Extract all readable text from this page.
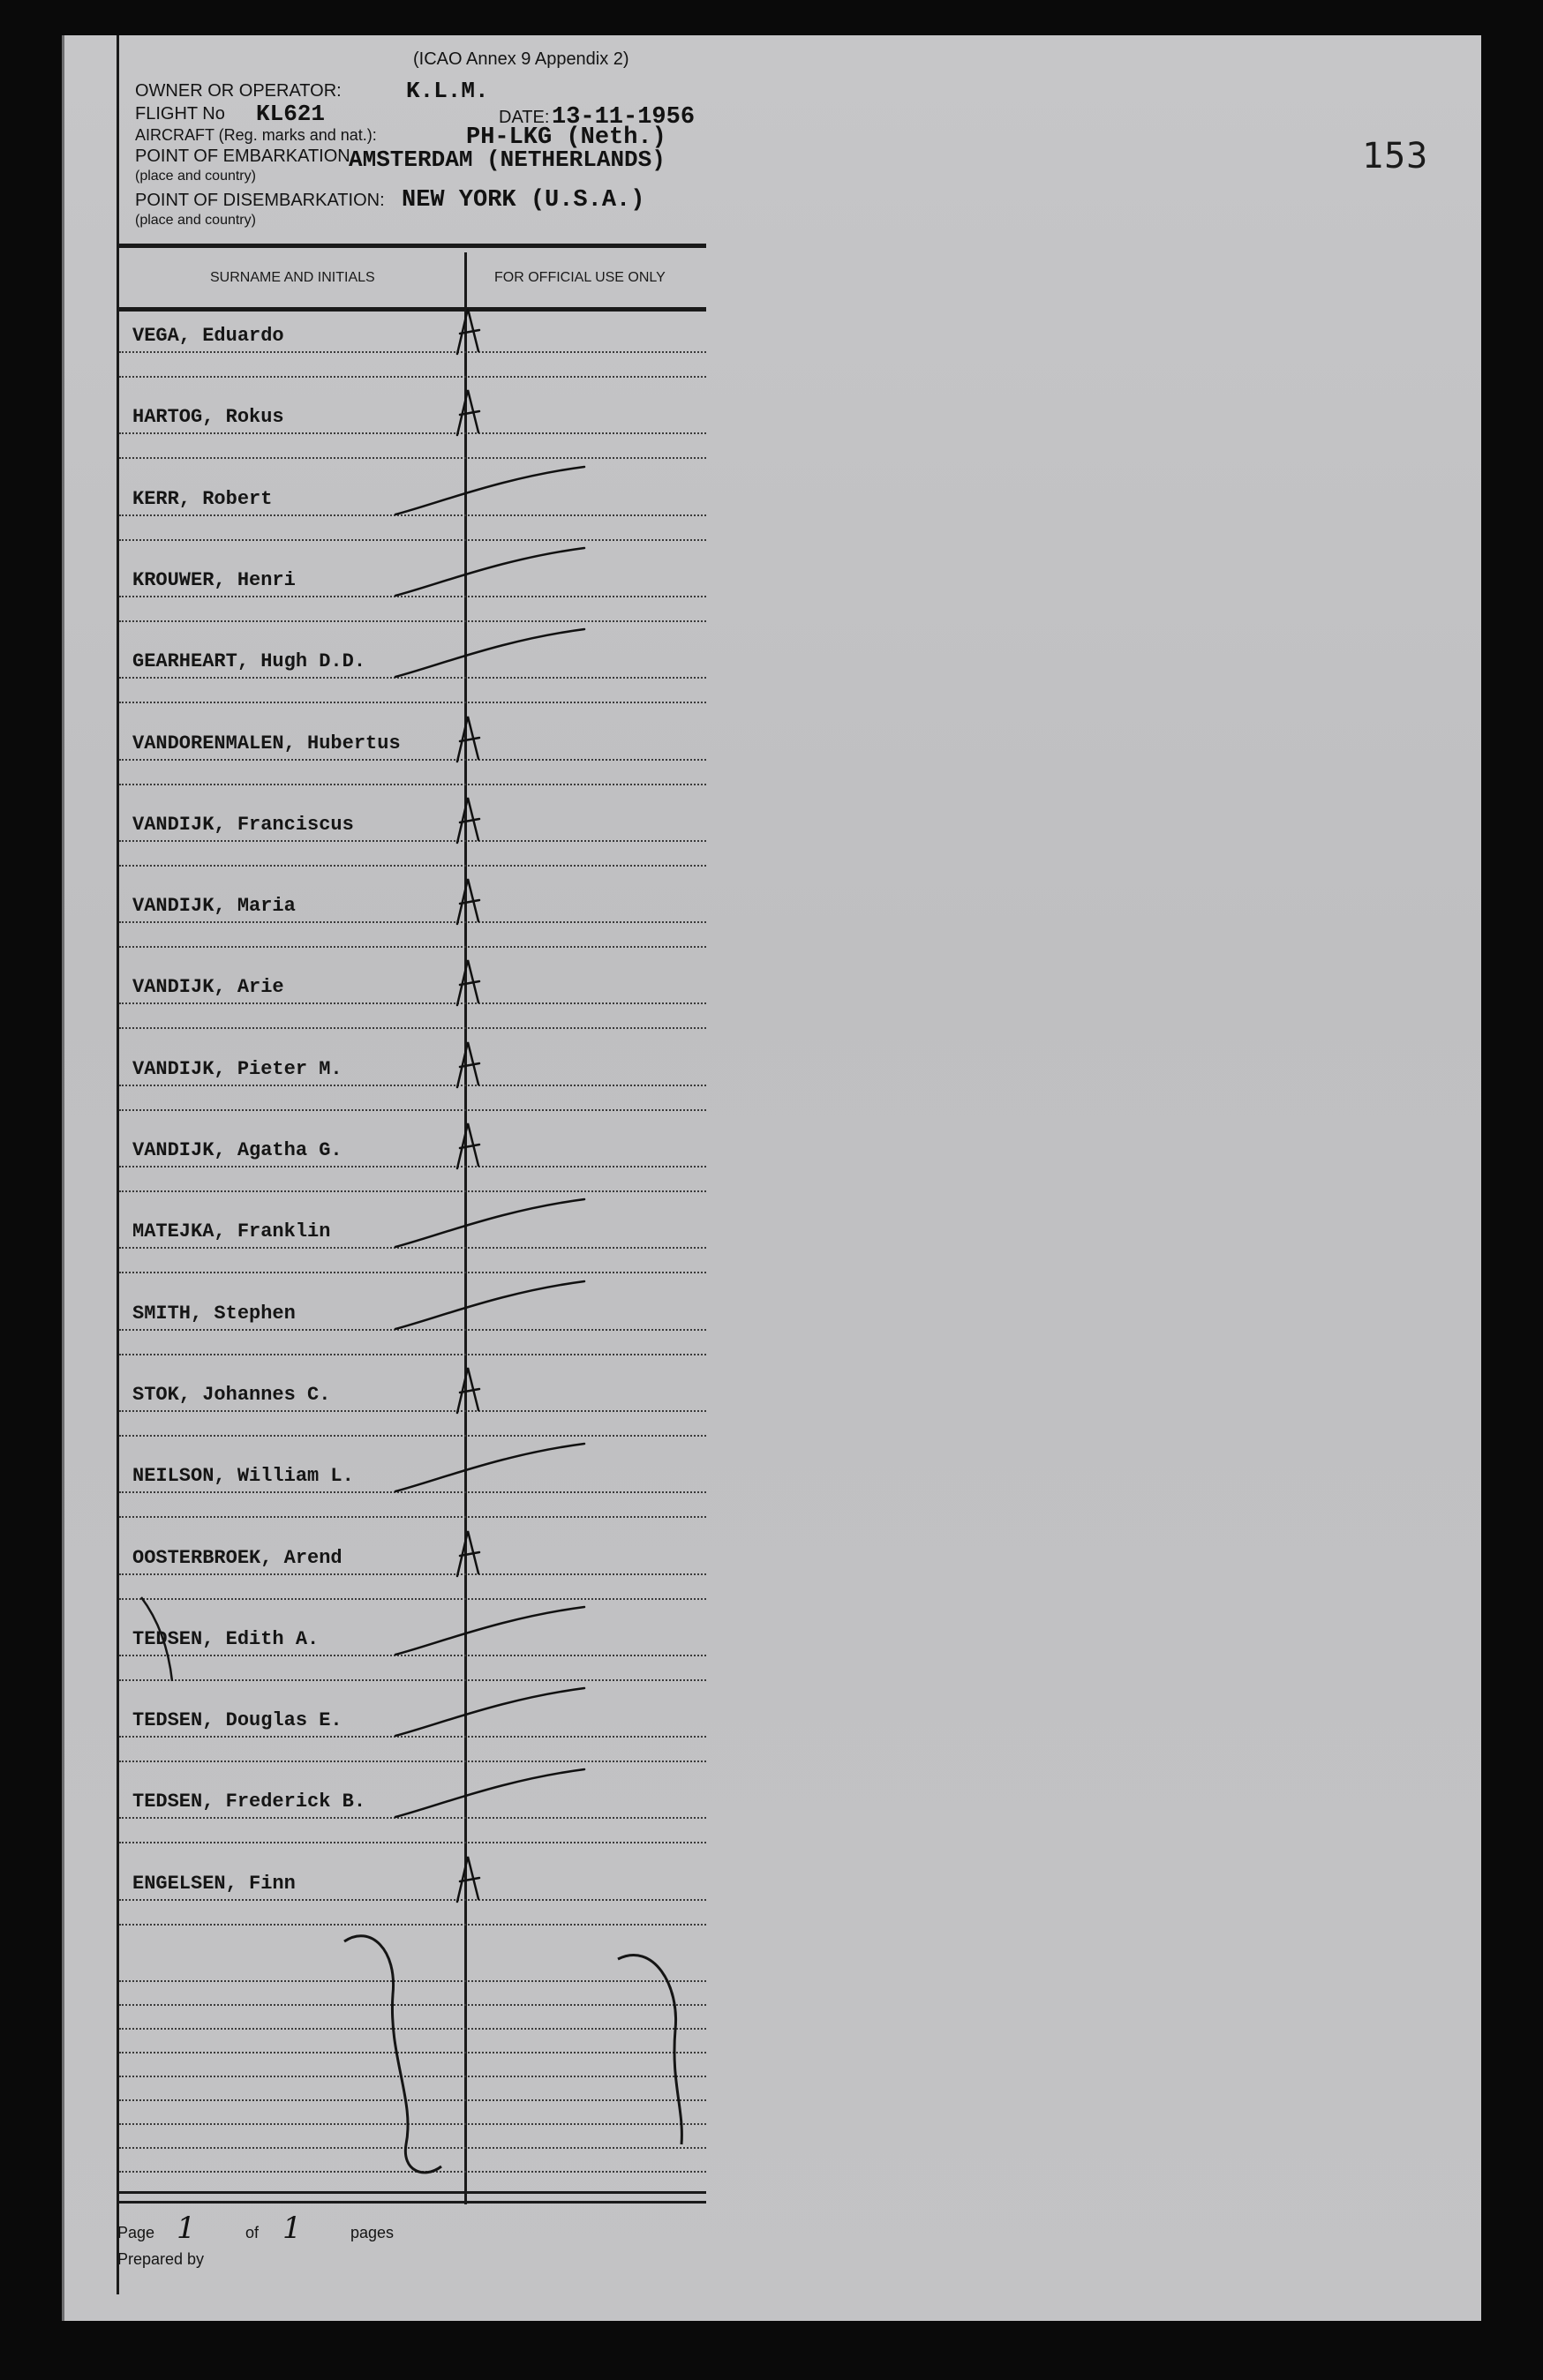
153
(ICAO Annex 9 Appendix 2)
OWNER OR OPERATOR:	K.L.M.
FLIGHT No KL621	DATE: 13-11-1956
AIRCRAFT (Reg. marks and nat.):	PH-LKG (Neth.)
POINT OF EMBARKATION
(place and country)
AMSTERDAM (NETHERLANDS)
POINT OF DISEMBARKATION:
(place and country)
NEW YORK (U.S.A.)
SURNAME AND INITIALS	FOR OFFICIAL USE ONLY
VEGA, Eduardo
HARTOG, Rokus
KERR, Robert
KROUWER, Henri
GEARHEART, Hugh D.D.
VANDORENMALEN, Hubertus
VANDIJK, Franciscus
VANDIJK, Maria
VANDIJK, Arie
VANDIJK, Pieter M.
VANDIJK, Agatha G.
MATEJKA, Franklin
SMITH, Stephen
STOK, Johannes C.
NEILSON, William L.
OOSTERBROEK, Arend
TEDSEN, Edith A.
TEDSEN, Douglas E.
TEDSEN, Frederick B.
ENGELSEN, Finn
Page 1	of 1	pages
Prepared by
